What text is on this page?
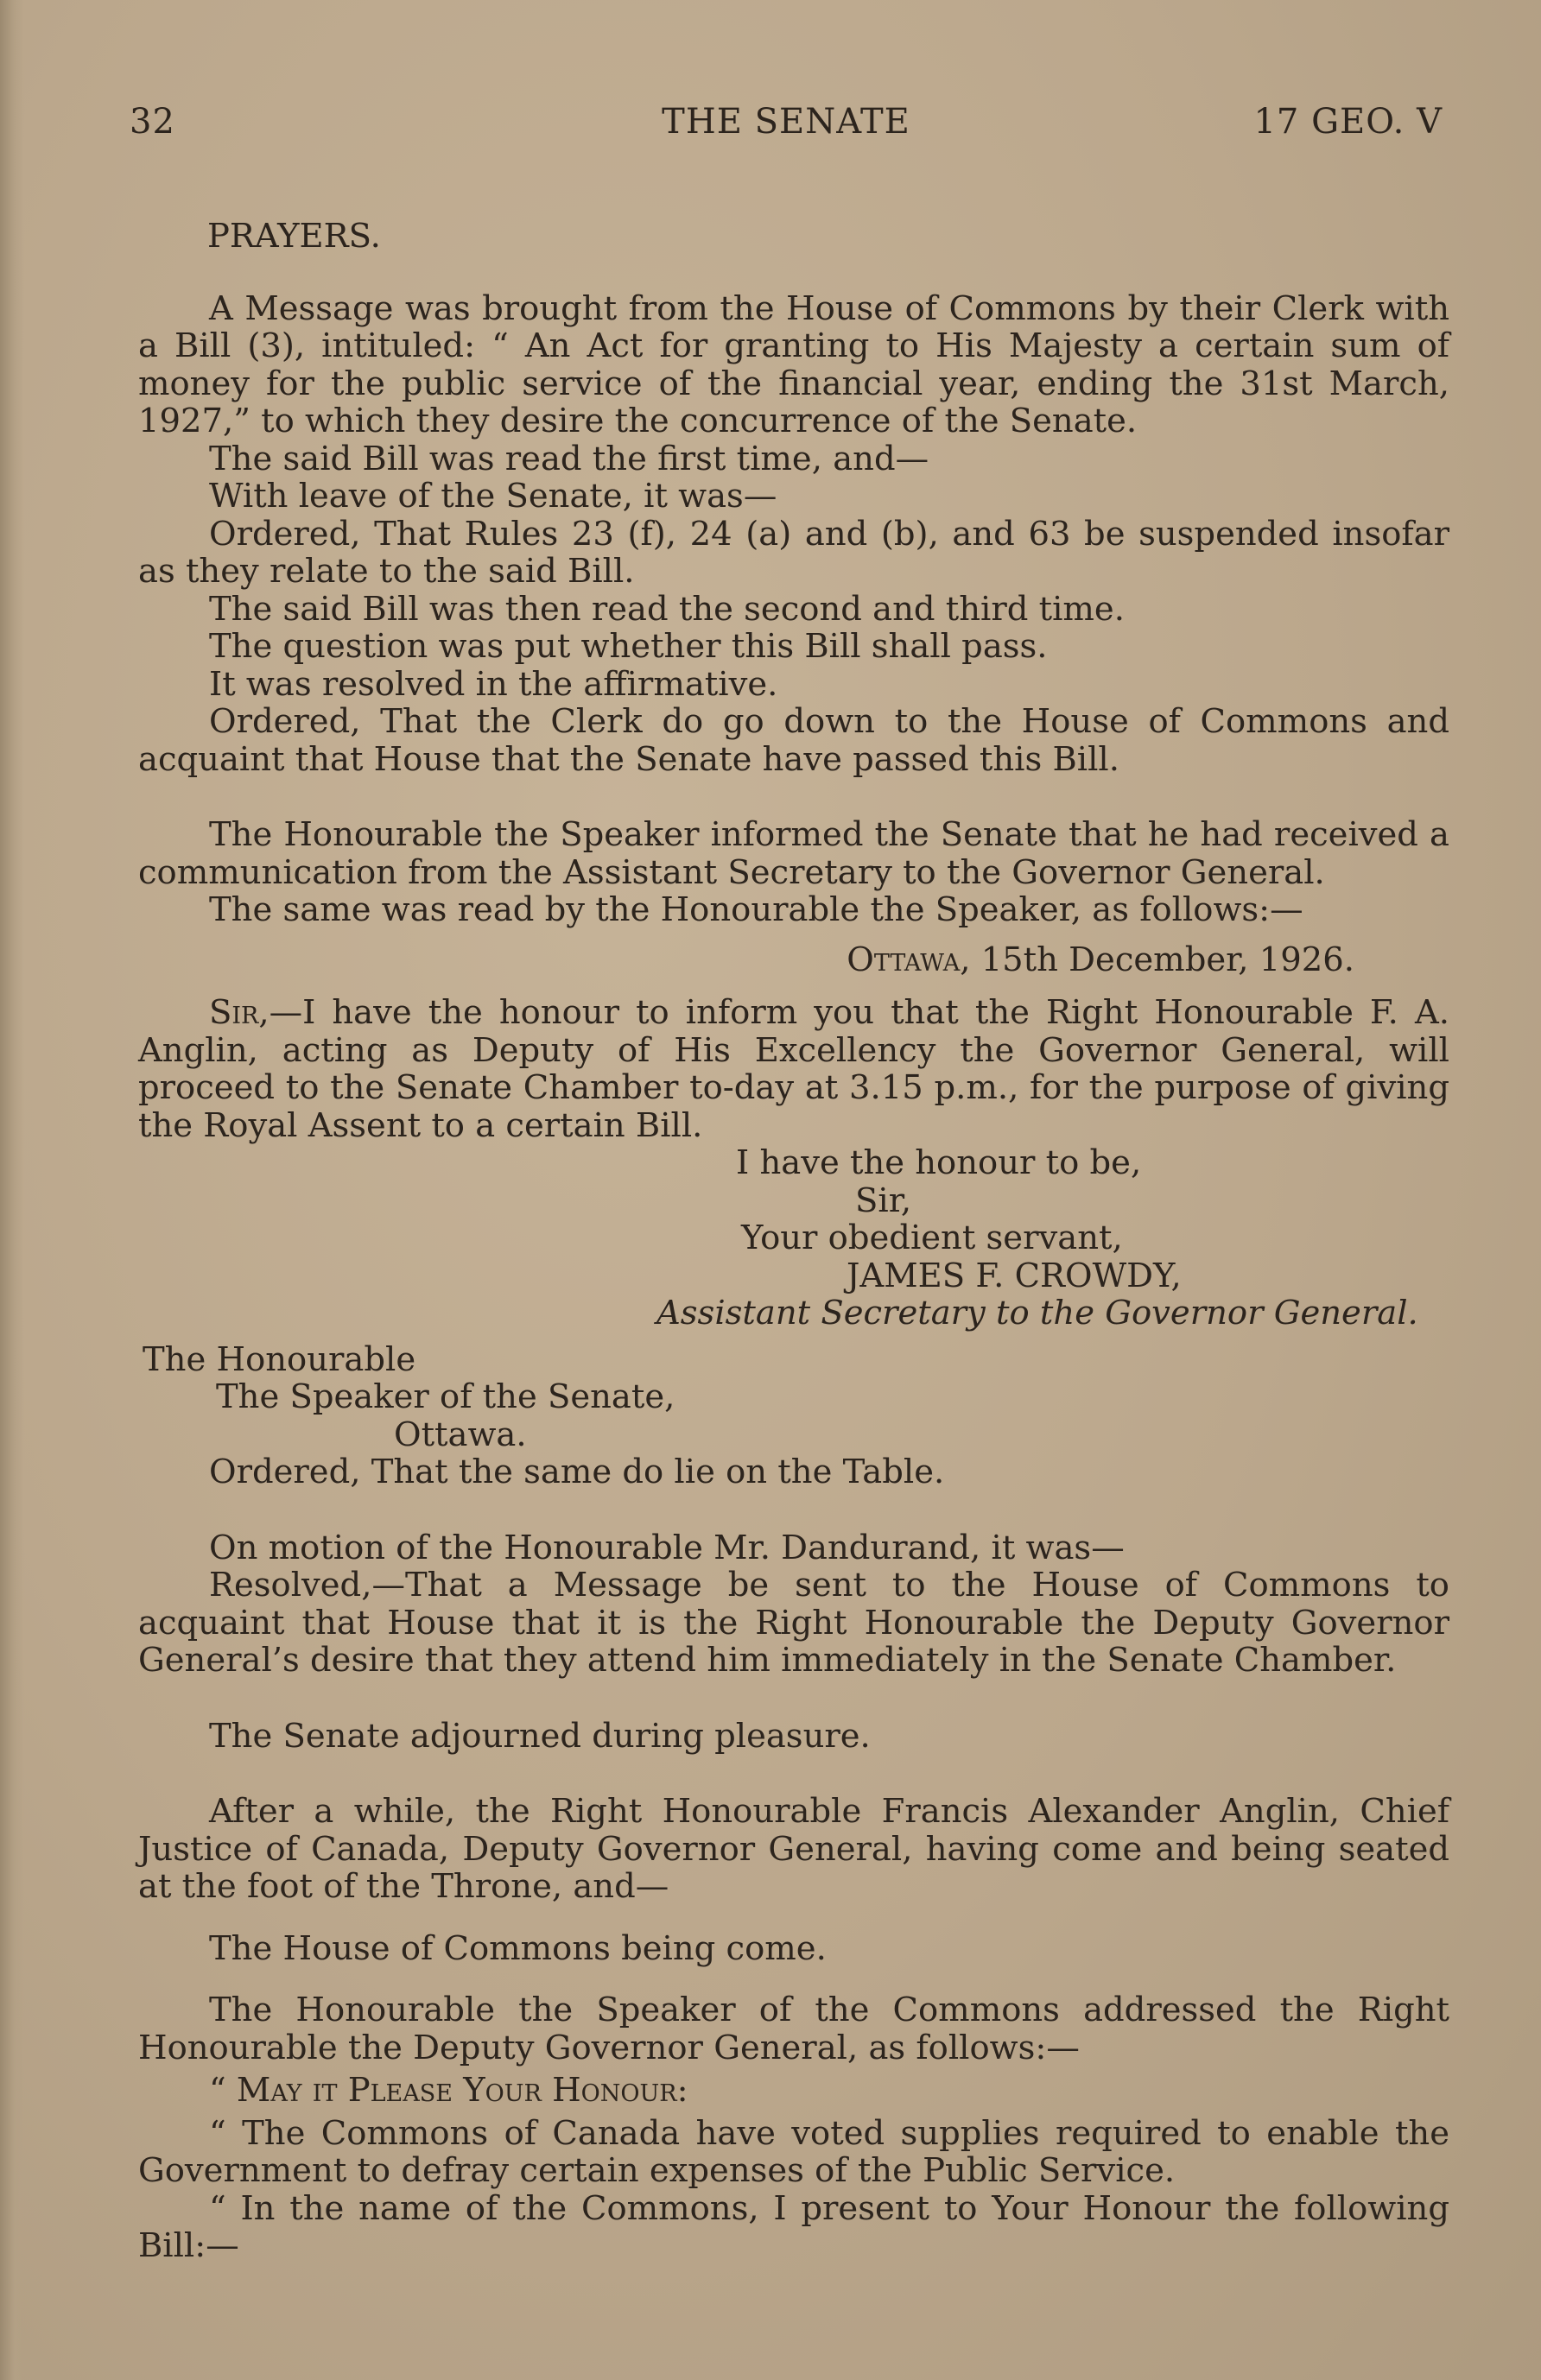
32	THE SENATE	17 GEO. V

PRAYERS.

A Message was brought from the House of Commons by their Clerk with a Bill (3), intituled: “ An Act for granting to His Majesty a certain sum of money for the public service of the financial year, ending the 31st March, 1927,” to which they desire the concurrence of the Senate.

The said Bill was read the first time, and—

With leave of the Senate, it was—

Ordered, That Rules 23 (f), 24 (a) and (b), and 63 be suspended insofar as they relate to the said Bill.

The said Bill was then read the second and third time.

The question was put whether this Bill shall pass.

It was resolved in the affirmative.

Ordered, That the Clerk do go down to the House of Commons and acquaint that House that the Senate have passed this Bill.

The Honourable the Speaker informed the Senate that he had received a communication from the Assistant Secretary to the Governor General.

The same was read by the Honourable the Speaker, as follows:—

Ottawa, 15th December, 1926.

Sir,—I have the honour to inform you that the Right Honourable F. A. Anglin, acting as Deputy of His Excellency the Governor General, will proceed to the Senate Chamber to-day at 3.15 p.m., for the purpose of giving the Royal Assent to a certain Bill.

I have the honour to be,

Sir,

Your obedient servant,

JAMES F. CROWDY,

Assistant Secretary to the Governor General.

The Honourable

The Speaker of the Senate,

Ottawa.

Ordered, That the same do lie on the Table.

On motion of the Honourable Mr. Dandurand, it was—

Resolved,—That a Message be sent to the House of Commons to acquaint that House that it is the Right Honourable the Deputy Governor General’s desire that they attend him immediately in the Senate Chamber.

The Senate adjourned during pleasure.

After a while, the Right Honourable Francis Alexander Anglin, Chief Justice of Canada, Deputy Governor General, having come and being seated at the foot of the Throne, and—

The House of Commons being come.

The Honourable the Speaker of the Commons addressed the Right Honourable the Deputy Governor General, as follows:—

“ May it Please Your Honour:

“ The Commons of Canada have voted supplies required to enable the Government to defray certain expenses of the Public Service.

“ In the name of the Commons, I present to Your Honour the following Bill:—
